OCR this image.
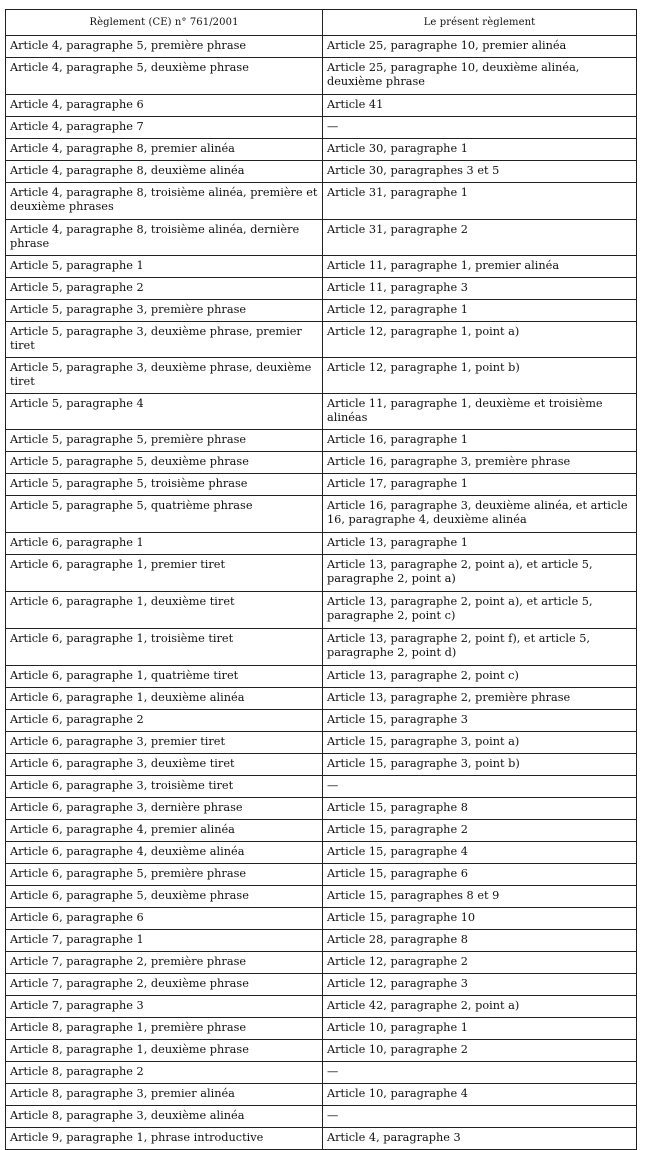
Règlement (CE) n° 761/2001	Le présent règlement
Article 4, paragraphe 5, première phrase	Article 25, paragraphe 10, premier alinéa
Article 4, paragraphe 5, deuxième phrase	Article 25, paragraphe 10, deuxième alinéa, deuxième phrase
Article 4, paragraphe 6	Article 41
Article 4, paragraphe 7	—
Article 4, paragraphe 8, premier alinéa	Article 30, paragraphe 1
Article 4, paragraphe 8, deuxième alinéa	Article 30, paragraphes 3 et 5
Article 4, paragraphe 8, troisième alinéa, première et deuxième phrases	Article 31, paragraphe 1
Article 4, paragraphe 8, troisième alinéa, dernière phrase	Article 31, paragraphe 2
Article 5, paragraphe 1	Article 11, paragraphe 1, premier alinéa
Article 5, paragraphe 2	Article 11, paragraphe 3
Article 5, paragraphe 3, première phrase	Article 12, paragraphe 1
Article 5, paragraphe 3, deuxième phrase, premier tiret	Article 12, paragraphe 1, point a)
Article 5, paragraphe 3, deuxième phrase, deuxième tiret	Article 12, paragraphe 1, point b)
Article 5, paragraphe 4	Article 11, paragraphe 1, deuxième et troisième alinéas
Article 5, paragraphe 5, première phrase	Article 16, paragraphe 1
Article 5, paragraphe 5, deuxième phrase	Article 16, paragraphe 3, première phrase
Article 5, paragraphe 5, troisième phrase	Article 17, paragraphe 1
Article 5, paragraphe 5, quatrième phrase	Article 16, paragraphe 3, deuxième alinéa, et article 16, paragraphe 4, deuxième alinéa
Article 6, paragraphe 1	Article 13, paragraphe 1
Article 6, paragraphe 1, premier tiret	Article 13, paragraphe 2, point a), et article 5, paragraphe 2, point a)
Article 6, paragraphe 1, deuxième tiret	Article 13, paragraphe 2, point a), et article 5, paragraphe 2, point c)
Article 6, paragraphe 1, troisième tiret	Article 13, paragraphe 2, point f), et article 5, paragraphe 2, point d)
Article 6, paragraphe 1, quatrième tiret	Article 13, paragraphe 2, point c)
Article 6, paragraphe 1, deuxième alinéa	Article 13, paragraphe 2, première phrase
Article 6, paragraphe 2	Article 15, paragraphe 3
Article 6, paragraphe 3, premier tiret	Article 15, paragraphe 3, point a)
Article 6, paragraphe 3, deuxième tiret	Article 15, paragraphe 3, point b)
Article 6, paragraphe 3, troisième tiret	—
Article 6, paragraphe 3, dernière phrase	Article 15, paragraphe 8
Article 6, paragraphe 4, premier alinéa	Article 15, paragraphe 2
Article 6, paragraphe 4, deuxième alinéa	Article 15, paragraphe 4
Article 6, paragraphe 5, première phrase	Article 15, paragraphe 6
Article 6, paragraphe 5, deuxième phrase	Article 15, paragraphes 8 et 9
Article 6, paragraphe 6	Article 15, paragraphe 10
Article 7, paragraphe 1	Article 28, paragraphe 8
Article 7, paragraphe 2, première phrase	Article 12, paragraphe 2
Article 7, paragraphe 2, deuxième phrase	Article 12, paragraphe 3
Article 7, paragraphe 3	Article 42, paragraphe 2, point a)
Article 8, paragraphe 1, première phrase	Article 10, paragraphe 1
Article 8, paragraphe 1, deuxième phrase	Article 10, paragraphe 2
Article 8, paragraphe 2	—
Article 8, paragraphe 3, premier alinéa	Article 10, paragraphe 4
Article 8, paragraphe 3, deuxième alinéa	—
Article 9, paragraphe 1, phrase introductive	Article 4, paragraphe 3
